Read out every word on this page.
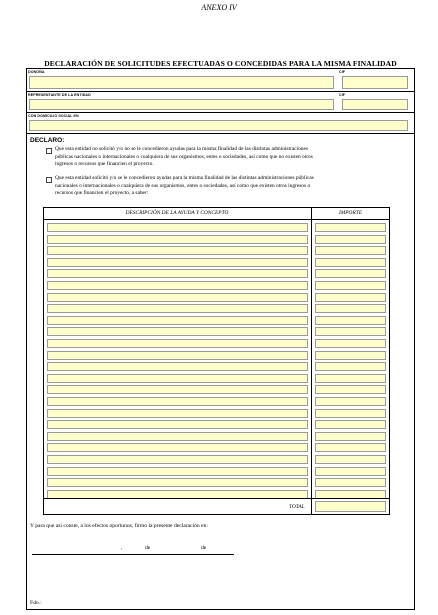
ANEXO IV
DECLARACIÓN DE SOLICITUDES EFECTUADAS O CONCEDIDAS PARA LA MISMA FINALIDAD
DONOÑA	CIF
REPRESENTANTE DE LA ENTIDAD	CIF
CON DOMICILIO SOCIAL EN
DECLARO:
Que esta entidad no solicitó y/o no se le concedieron ayudas para la misma finalidad de las distintas administraciones
públicas nacionales o internacionales o cualquiera de sus organismos, entes o sociedades, así como que no existen otros
ingresos o recursos que financien el proyecto.
Que esta entidad solicitó y/o se le concedieron ayudas para la misma finalidad de las distintas administraciones públicas
nacionales o internacionales o cualquiera de sus organismos, entes o sociedades, así como que existen otros ingresos o
recursos que financien el proyecto, a saber:
DESCRIPCIÓN DE LA AYUDA Y CONCEPTO	IMPORTE
TOTAL
Y para que así conste, a los efectos oportunos, firmo la presente declaración en:
,	de	de
Fdo.:
